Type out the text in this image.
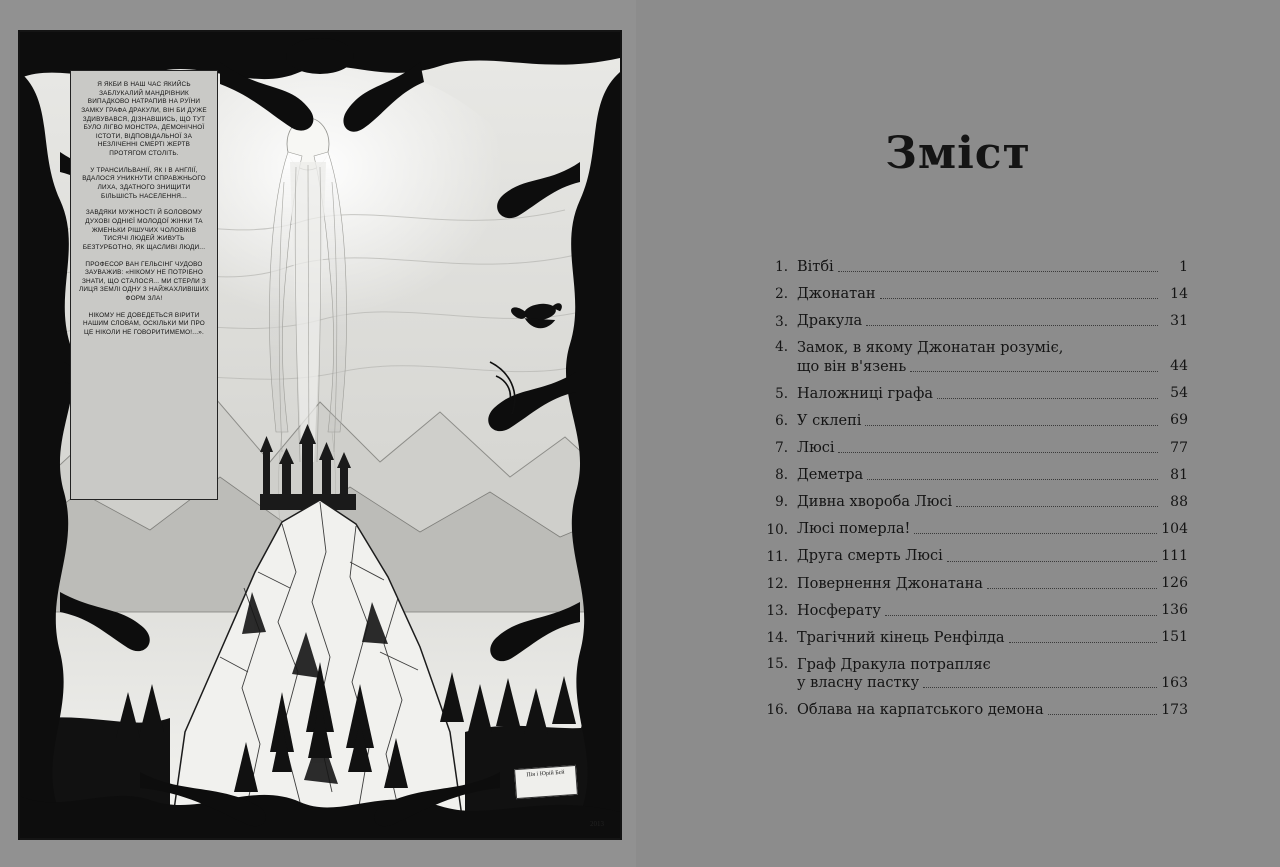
Я ЯКБИ В НАШ ЧАС ЯКИЙСЬ ЗАБЛУКАЛИЙ МАНДРІВНИК ВИПАДКОВО НАТРАПИВ НА РУЇНИ ЗАМКУ ГРАФА ДРАКУЛИ, ВІН БИ ДУЖЕ ЗДИВУВАВСЯ, ДІЗНАВШИСЬ, ЩО ТУТ БУЛО ЛІГВО МОНСТРА, ДЕМОНІЧНОЇ ІСТОТИ, ВІДПОВІДАЛЬНОЇ ЗА НЕЗЛІЧЕННІ СМЕРТІ ЖЕРТВ ПРОТЯГОМ СТОЛІТЬ.

У ТРАНСИЛЬВАНІЇ, ЯК І В АНГЛІЇ, ВДАЛОСЯ УНИКНУТИ СПРАВЖНЬОГО ЛИХА, ЗДАТНОГО ЗНИЩИТИ БІЛЬШІСТЬ НАСЕЛЕННЯ...

ЗАВДЯКИ МУЖНОСТІ Й БОЛОВОМУ ДУХОВІ ОДНІЄЇ МОЛОДОЇ ЖІНКИ ТА ЖМЕНЬКИ РІШУЧИХ ЧОЛОВІКІВ ТИСЯЧІ ЛЮДЕЙ ЖИВУТЬ БЕЗТУРБОТНО, ЯК ЩАСЛИВІ ЛЮДИ...

ПРОФЕСОР ВАН ГЕЛЬСІНГ ЧУДОВО ЗАУВАЖИВ: «НІКОМУ НЕ ПОТРІБНО ЗНАТИ, ЩО СТАЛОСЯ... МИ СТЕРЛИ З ЛИЦЯ ЗЕМЛІ ОДНУ З НАЙЖАХЛИВІШИХ ФОРМ ЗЛА!

НІКОМУ НЕ ДОВЕДЕТЬСЯ ВІРИТИ НАШИМ СЛОВАМ, ОСКІЛЬКИ МИ ПРО ЦЕ НІКОЛИ НЕ ГОВОРИТИМЕМО!...».

Пія і Юрій Бєй
2013
Зміст
1. Вітбі	1
2. Джонатан	14
3. Дракула	31
4. Замок, в якому Джонатан розуміє,
що він в'язень	44
5. Наложниці графа	54
6. У склепі	69
7. Люсі	77
8. Деметра	81
9. Дивна хвороба Люсі	88
10. Люсі померла!	104
11. Друга смерть Люсі	111
12. Повернення Джонатана	126
13. Носферату	136
14. Трагічний кінець Ренфілда	151
15. Граф Дракула потрапляє
у власну пастку	163
16. Облава на карпатського демона	173
